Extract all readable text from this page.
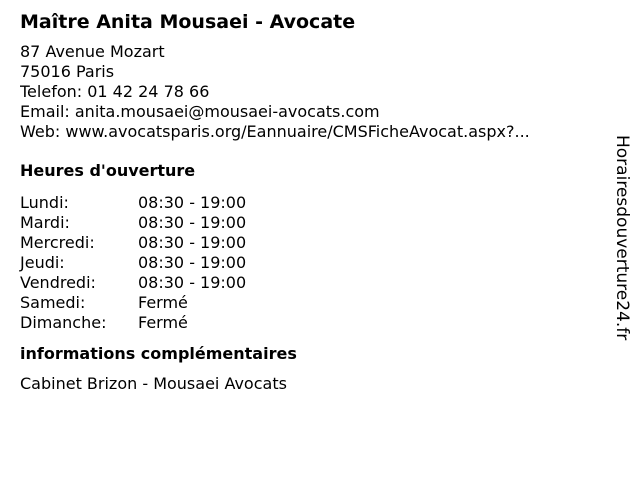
Maître Anita Mousaei - Avocate
87 Avenue Mozart
75016 Paris
Telefon: 01 42 24 78 66
Email: anita.mousaei@mousaei-avocats.com
Web: www.avocatsparis.org/Eannuaire/CMSFicheAvocat.aspx?...
Heures d'ouverture
Lundi:	08:30 - 19:00
Mardi:	08:30 - 19:00
Mercredi:	08:30 - 19:00
Jeudi:	08:30 - 19:00
Vendredi:	08:30 - 19:00
Samedi:	Fermé
Dimanche:	Fermé
informations complémentaires
Cabinet Brizon - Mousaei Avocats
Horairesdouverture24.fr
